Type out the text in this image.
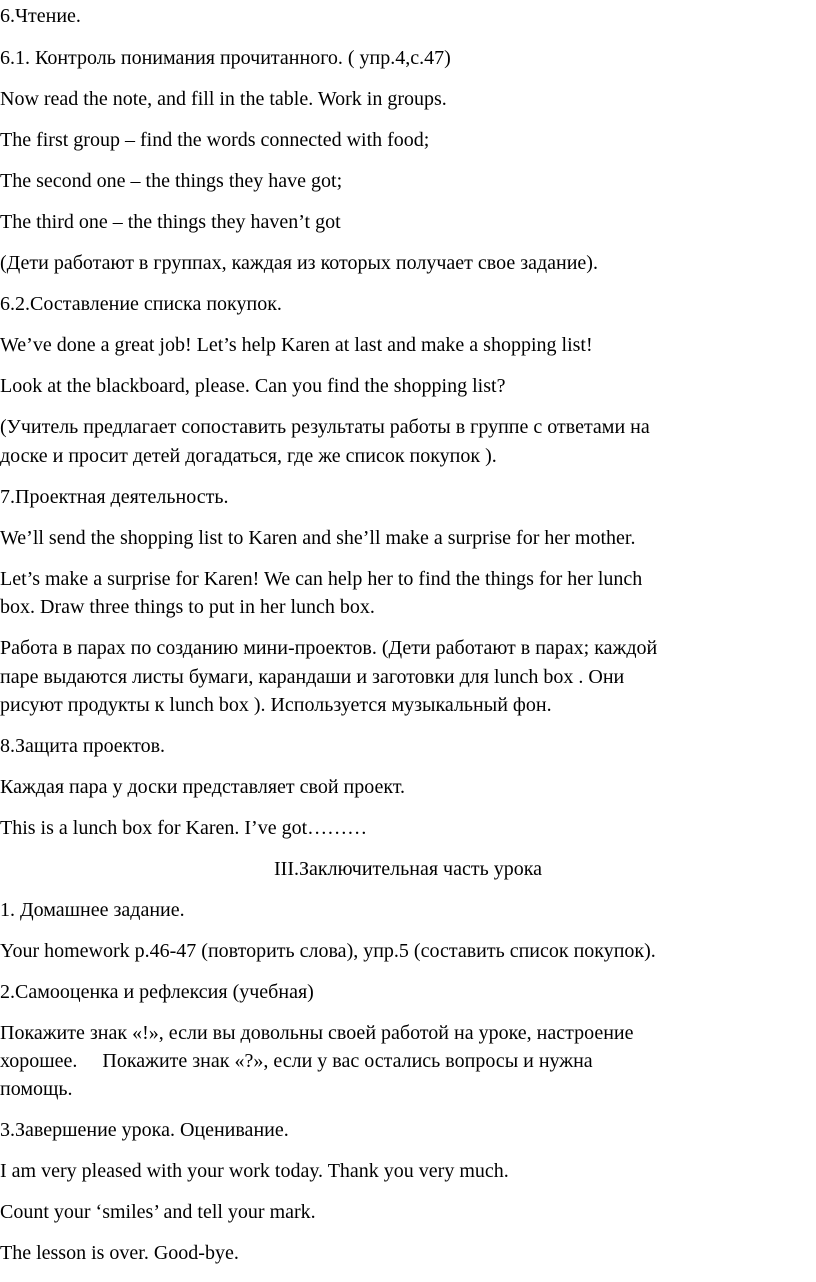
6.Чтение.
6.1. Контроль понимания прочитанного. ( упр.4,с.47)
Now read the note, and fill in the table. Work in groups.
The first group – find the words connected with food;
The second one – the things they have got;
The third one – the things they haven’t got
(Дети работают в группах, каждая из которых получает свое задание).
6.2.Составление списка покупок.
We’ve done a great job! Let’s help Karen at last and make a shopping list!
Look at the blackboard, please. Can you find the shopping list?
(Учитель предлагает сопоставить результаты работы в группе с ответами на
доске и просит детей догадаться, где же список покупок ).
7.Проектная деятельность.
We’ll send the shopping list to Karen and she’ll make a surprise for her mother.
Let’s make a surprise for Karen! We can help her to find the things for her lunch
box. Draw three things to put in her lunch box.
Работа в парах по созданию мини-проектов. (Дети работают в парах; каждой
паре выдаются листы бумаги, карандаши и заготовки для lunch box . Они
рисуют продукты к lunch box ). Используется музыкальный фон.
8.Защита проектов.
Каждая пара у доски представляет свой проект.
This is a lunch box for Karen. I’ve got………
III.Заключительная часть урока
1. Домашнее задание.
Your homework p.46-47 (повторить слова), упр.5 (составить список покупок).
2.Самооценка и рефлексия (учебная)
Покажите знак «!», если вы довольны своей работой на уроке, настроение
хорошее.     Покажите знак «?», если у вас остались вопросы и нужна
помощь.
3.Завершение урока. Оценивание.
I am very pleased with your work today. Thank you very much.
Count your ‘smiles’ and tell your mark.
The lesson is over. Good-bye.
